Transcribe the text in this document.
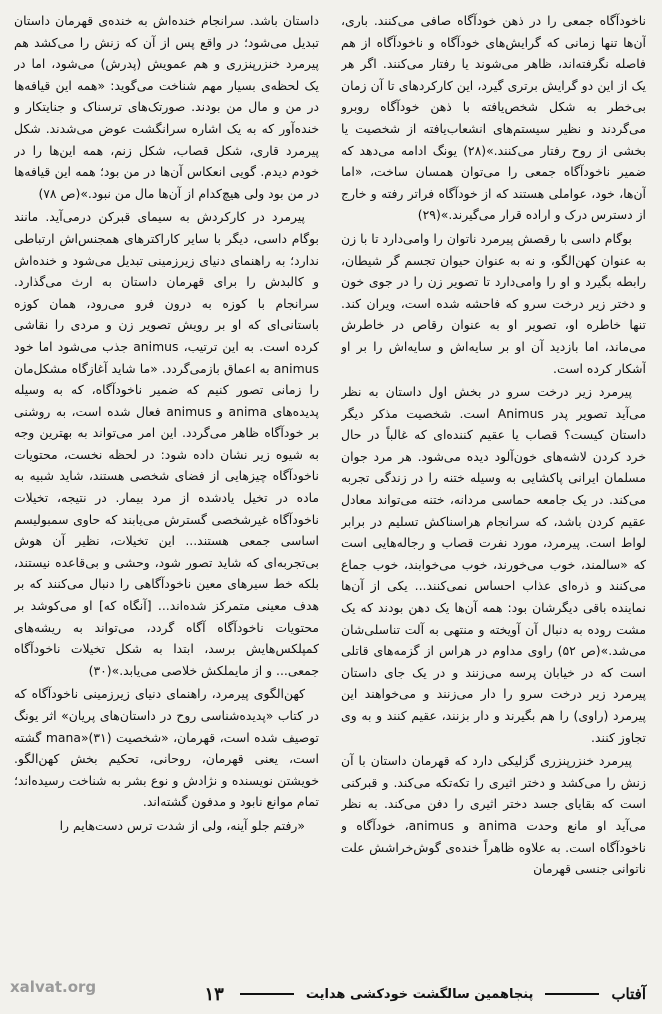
ناخودآگاه جمعی را در ذهن خودآگاه صافی می‌کنند. باری، آن‌ها تنها زمانی که گرایش‌های خودآگاه و ناخودآگاه از هم فاصله نگرفته‌اند، ظاهر می‌شوند یا رفتار می‌کنند. اگر هر یک از این دو گرایش برتری گیرد، این کارکردهای تا آن زمان بی‌خطر به شکل شخص‌یافته با ذهن خودآگاه روبرو می‌گردند و نظیر سیستم‌های انشعاب‌یافته از شخصیت یا بخشی از روح رفتار می‌کنند.»(۲۸) یونگ ادامه می‌دهد که ضمیر ناخودآگاه جمعی را می‌توان همسان ساخت، «اما آن‌ها، خود، عواملی هستند که از خودآگاه فراتر رفته و خارج از دسترس درک و اراده قرار می‌گیرند.»(۲۹)

بوگام داسی با رقصش پیرمرد ناتوان را وامی‌دارد تا با زن به عنوان کهن‌الگو، و نه به عنوان حیوان تجسم گر شیطان، رابطه بگیرد و او را وامی‌دارد تا تصویر زن را در جوی خون و دختر زیر درخت سرو که فاحشه شده است، ویران کند. تنها خاطره او، تصویر او به عنوان رقاص در خاطرش می‌ماند، اما بازدید آن او بر سایه‌اش و سایه‌اش را بر او آشکار کرده است.

پیرمرد زیر درخت سرو در بخش اول داستان به نظر می‌آید تصویر پدر Animus است. شخصیت مذکر دیگر داستان کیست؟ قصاب یا عقیم کننده‌ای که غالباً در حال خرد کردن لاشه‌های خون‌آلود دیده می‌شود. هر مرد جوان مسلمان ایرانی پاکشایی به وسیله ختنه را در زندگی تجربه می‌کند. در یک جامعه حماسی مردانه، ختنه می‌تواند معادل عقیم کردن باشد، که سرانجام هراسناکش تسلیم در برابر لواط است. پیرمرد، مورد نفرت قصاب و رجاله‌هایی است که «سالمند، خوب می‌خورند، خوب می‌خوابند، خوب جماع می‌کنند و ذره‌ای عذاب احساس نمی‌کنند... یکی از آن‌ها نماینده باقی دیگرشان بود: همه آن‌ها یک دهن بودند که یک مشت روده به دنبال آن آویخته و منتهی به آلت تناسلی‌شان می‌شد.»(ص ۵۲) راوی مداوم در هراس از گزمه‌های قاتلی است که در خیابان پرسه می‌زنند و در یک جای داستان پیرمرد زیر درخت سرو را دار می‌زنند و می‌خواهند این پیرمرد (راوی) را هم بگیرند و دار بزنند، عقیم کنند و به وی تجاوز کنند.

پیرمرد خنزرپنزری گزلیکی دارد که قهرمان داستان با آن زنش را می‌کشد و دختر اثیری را تکه‌تکه می‌کند. و قبرکنی است که بقایای جسد دختر اثیری را دفن می‌کند. به نظر می‌آید او مانع وحدت anima و animus، خودآگاه و ناخودآگاه است. به علاوه ظاهراً خنده‌ی گوش‌خراشش علت ناتوانی جنسی قهرمان

داستان باشد. سرانجام خنده‌اش به خنده‌ی قهرمان داستان تبدیل می‌شود؛ در واقع پس از آن که زنش را می‌کشد هم پیرمرد خنزرپنزری و هم عمویش (پدرش) می‌شود، اما در یک لحظه‌ی بسیار مهم شناخت می‌گوید: «همه این قیافه‌ها در من و مال من بودند. صورتک‌های ترسناک و جنایتکار و خنده‌آور که به یک اشاره سرانگشت عوض می‌شدند. شکل پیرمرد قاری، شکل قصاب، شکل زنم، همه این‌ها را در خودم دیدم. گویی انعکاس آن‌ها در من بود؛ همه این قیافه‌ها در من بود ولی هیچ‌کدام از آن‌ها مال من نبود.»(ص ۷۸)

پیرمرد در کارکردش به سیمای قبرکن درمی‌آید. مانند بوگام داسی، دیگر با سایر کاراکترهای همجنس‌اش ارتباطی ندارد؛ به راهنمای دنیای زیرزمینی تبدیل می‌شود و خنده‌اش و کالبدش را برای قهرمان داستان به ارث می‌گذارد. سرانجام با کوزه به درون فرو می‌رود، همان کوزه باستانی‌ای که او بر رویش تصویر زن و مردی را نقاشی کرده است. به این ترتیب، animus جذب می‌شود اما خود animus به اعماق بازمی‌گردد. «ما شاید آغازگاه مشکل‌مان را زمانی تصور کنیم که ضمیر ناخودآگاه، که به وسیله پدیده‌های anima و animus فعال شده است، به روشنی بر خودآگاه ظاهر می‌گردد. این امر می‌تواند به بهترین وجه به شیوه زیر نشان داده شود: در لحظه نخست، محتویات ناخودآگاه چیزهایی از فضای شخصی هستند، شاید شبیه به ماده در تخیل یادشده از مرد بیمار. در نتیجه، تخیلات ناخودآگاه غیرشخصی گسترش می‌یابند که حاوی سمبولیسم اساسی جمعی هستند... این تخیلات، نظیر آن هوش بی‌تجربه‌ای که شاید تصور شود، وحشی و بی‌قاعده نیستند، بلکه خط سیرهای معین ناخودآگاهی را دنبال می‌کنند که بر هدف معینی متمرکز شده‌اند... [آنگاه که] او می‌کوشد بر محتویات ناخودآگاه آگاه گردد، می‌تواند به ریشه‌های کمپلکس‌هایش برسد، ابتدا به شکل تخیلات ناخودآگاه جمعی... و از مایملکش خلاصی می‌یابد.»(۳۰)

کهن‌الگوی پیرمرد، راهنمای دنیای زیرزمینی ناخودآگاه که در کتاب «پدیده‌شناسی روح در داستان‌های پریان» اثر یونگ توصیف شده است، قهرمان، «شخصیت mana»(۳۱) گشته است، یعنی قهرمان، روحانی، تحکیم بخش کهن‌الگو. خویشتن نویسنده و نژادش و نوع بشر به شناخت رسیده‌اند؛ تمام موانع نابود و مدفون گشته‌اند.

«رفتم جلو آینه، ولی از شدت ترس دست‌هایم را

آفتاب
پنجاهمین سالگشت خودکشی هدایت
۱۳
xalvat.org
